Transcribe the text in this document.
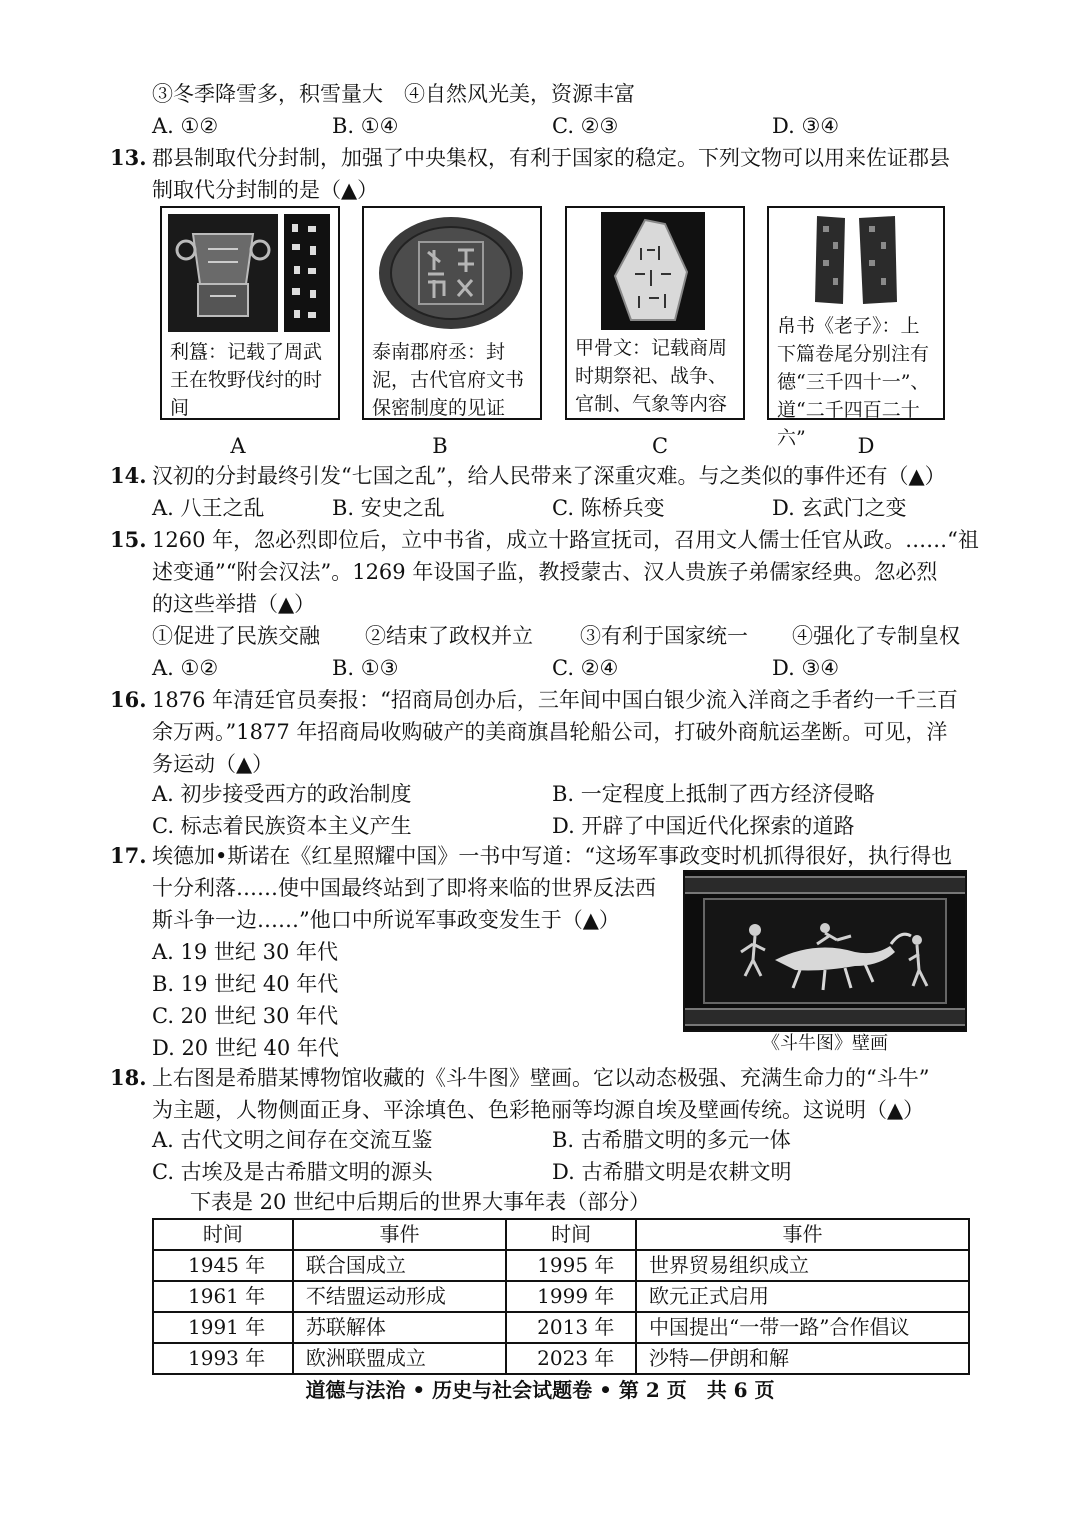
③冬季降雪多，积雪量大　④自然风光美，资源丰富
A. ①②	B. ①④	C. ②③	D. ③④
13. 郡县制取代分封制，加强了中央集权，有利于国家的稳定。下列文物可以用来佐证郡县
制取代分封制的是（▲）
利簋：记载了周武王在牧野伐纣的时间
A
泰南郡府丞：封泥，古代官府文书保密制度的见证
B
甲骨文：记载商周时期祭祀、战争、官制、气象等内容
C
帛书《老子》：上下篇卷尾分别注有德“三千四十一”、道“二千四百二十六”	D
14. 汉初的分封最终引发“七国之乱”，给人民带来了深重灾难。与之类似的事件还有（▲）
A. 八王之乱	B. 安史之乱	C. 陈桥兵变	D. 玄武门之变
15. 1260 年，忽必烈即位后，立中书省，成立十路宣抚司，召用文人儒士任官从政。……“祖
述变通”“附会汉法”。1269 年设国子监，教授蒙古、汉人贵族子弟儒家经典。忽必烈
的这些举措（▲）
①促进了民族交融 ②结束了政权并立 ③有利于国家统一 ④强化了专制皇权
A. ①②	B. ①③	C. ②④	D. ③④
16. 1876 年清廷官员奏报：“招商局创办后，三年间中国白银少流入洋商之手者约一千三百
余万两。”1877 年招商局收购破产的美商旗昌轮船公司，打破外商航运垄断。可见，洋
务运动（▲）
A. 初步接受西方的政治制度	B. 一定程度上抵制了西方经济侵略
C. 标志着民族资本主义产生	D. 开辟了中国近代化探索的道路
17. 埃德加•斯诺在《红星照耀中国》一书中写道：“这场军事政变时机抓得很好，执行得也
十分利落……使中国最终站到了即将来临的世界反法西
斯斗争一边……”他口中所说军事政变发生于（▲）
A. 19 世纪 30 年代
B. 19 世纪 40 年代
C. 20 世纪 30 年代
D. 20 世纪 40 年代	《斗牛图》壁画
18. 上右图是希腊某博物馆收藏的《斗牛图》壁画。它以动态极强、充满生命力的“斗牛”
为主题，人物侧面正身、平涂填色、色彩艳丽等均源自埃及壁画传统。这说明（▲）
A. 古代文明之间存在交流互鉴	B. 古希腊文明的多元一体
C. 古埃及是古希腊文明的源头	D. 古希腊文明是农耕文明
下表是 20 世纪中后期后的世界大事年表（部分）
时间	事件	时间	事件
1945 年	联合国成立	1995 年	世界贸易组织成立
1961 年	不结盟运动形成	1999 年	欧元正式启用
1991 年	苏联解体	2013 年	中国提出“一带一路”合作倡议
1993 年	欧洲联盟成立	2023 年	沙特—伊朗和解
道德与法治 • 历史与社会试题卷 • 第 2 页　共 6 页
